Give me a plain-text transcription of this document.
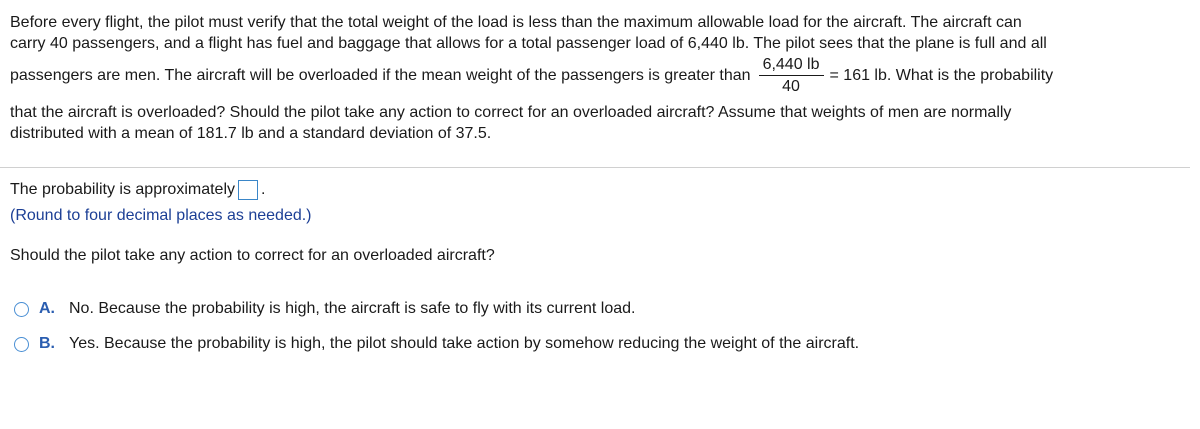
Before every flight, the pilot must verify that the total weight of the load is less than the maximum allowable load for the aircraft. The aircraft can
carry 40 passengers, and a flight has fuel and baggage that allows for a total passenger load of 6,440 lb. The pilot sees that the plane is full and all
passengers are men. The aircraft will be overloaded if the mean weight of the passengers is greater than $\frac{6,440 lb}{40} = 161$ lb. What is the probability
that the aircraft is overloaded? Should the pilot take any action to correct for an overloaded aircraft? Assume that weights of men are normally
distributed with a mean of 181.7 lb and a standard deviation of 37.5.
The probability is approximately .
(Round to four decimal places as needed.)
Should the pilot take any action to correct for an overloaded aircraft?
A. No. Because the probability is high, the aircraft is safe to fly with its current load.
B. Yes. Because the probability is high, the pilot should take action by somehow reducing the weight of the aircraft.
